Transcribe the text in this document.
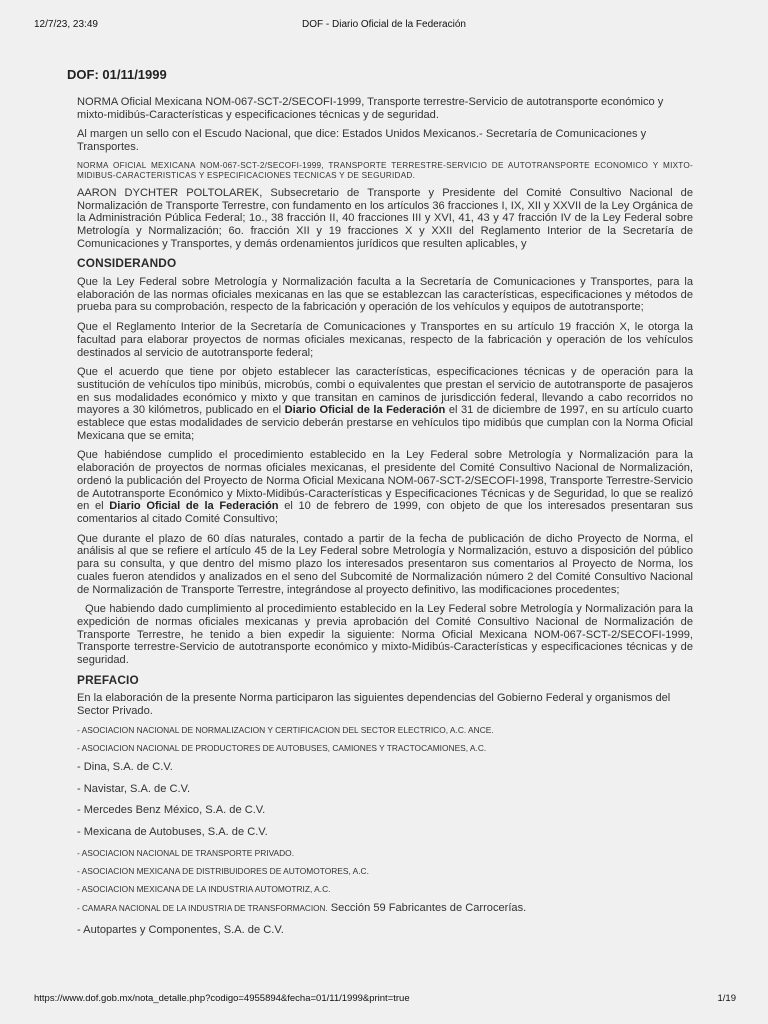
12/7/23, 23:49	DOF - Diario Oficial de la Federación
DOF: 01/11/1999

NORMA Oficial Mexicana NOM-067-SCT-2/SECOFI-1999, Transporte terrestre-Servicio de autotransporte económico y mixto-midibús-Características y especificaciones técnicas y de seguridad.

Al margen un sello con el Escudo Nacional, que dice: Estados Unidos Mexicanos.- Secretaría de Comunicaciones y Transportes.

NORMA OFICIAL MEXICANA NOM-067-SCT-2/SECOFI-1999, TRANSPORTE TERRESTRE-SERVICIO DE AUTOTRANSPORTE ECONOMICO Y MIXTO-MIDIBUS-CARACTERISTICAS Y ESPECIFICACIONES TECNICAS Y DE SEGURIDAD.

AARON DYCHTER POLTOLAREK, Subsecretario de Transporte y Presidente del Comité Consultivo Nacional de Normalización de Transporte Terrestre, con fundamento en los artículos 36 fracciones I, IX, XII y XXVII de la Ley Orgánica de la Administración Pública Federal; 1o., 38 fracción II, 40 fracciones III y XVI, 41, 43 y 47 fracción IV de la Ley Federal sobre Metrología y Normalización; 6o. fracción XII y 19 fracciones X y XXII del Reglamento Interior de la Secretaría de Comunicaciones y Transportes, y demás ordenamientos jurídicos que resulten aplicables, y

CONSIDERANDO

Que la Ley Federal sobre Metrología y Normalización faculta a la Secretaría de Comunicaciones y Transportes, para la elaboración de las normas oficiales mexicanas en las que se establezcan las características, especificaciones y métodos de prueba para su comprobación, respecto de la fabricación y operación de los vehículos y equipos de autotransporte;

Que el Reglamento Interior de la Secretaría de Comunicaciones y Transportes en su artículo 19 fracción X, le otorga la facultad para elaborar proyectos de normas oficiales mexicanas, respecto de la fabricación y operación de los vehículos destinados al servicio de autotransporte federal;

Que el acuerdo que tiene por objeto establecer las características, especificaciones técnicas y de operación para la sustitución de vehículos tipo minibús, microbús, combi o equivalentes que prestan el servicio de autotransporte de pasajeros en sus modalidades económico y mixto y que transitan en caminos de jurisdicción federal, llevando a cabo recorridos no mayores a 30 kilómetros, publicado en el Diario Oficial de la Federación el 31 de diciembre de 1997, en su artículo cuarto establece que estas modalidades de servicio deberán prestarse en vehículos tipo midibús que cumplan con la Norma Oficial Mexicana que se emita;

Que habiéndose cumplido el procedimiento establecido en la Ley Federal sobre Metrología y Normalización para la elaboración de proyectos de normas oficiales mexicanas, el presidente del Comité Consultivo Nacional de Normalización, ordenó la publicación del Proyecto de Norma Oficial Mexicana NOM-067-SCT-2/SECOFI-1998, Transporte Terrestre-Servicio de Autotransporte Económico y Mixto-Midibús-Características y Especificaciones Técnicas y de Seguridad, lo que se realizó en el Diario Oficial de la Federación el 10 de febrero de 1999, con objeto de que los interesados presentaran sus comentarios al citado Comité Consultivo;

Que durante el plazo de 60 días naturales, contado a partir de la fecha de publicación de dicho Proyecto de Norma, el análisis al que se refiere el artículo 45 de la Ley Federal sobre Metrología y Normalización, estuvo a disposición del público para su consulta, y que dentro del mismo plazo los interesados presentaron sus comentarios al Proyecto de Norma, los cuales fueron atendidos y analizados en el seno del Subcomité de Normalización número 2 del Comité Consultivo Nacional de Normalización de Transporte Terrestre, integrándose al proyecto definitivo, las modificaciones procedentes;

Que habiendo dado cumplimiento al procedimiento establecido en la Ley Federal sobre Metrología y Normalización para la expedición de normas oficiales mexicanas y previa aprobación del Comité Consultivo Nacional de Normalización de Transporte Terrestre, he tenido a bien expedir la siguiente: Norma Oficial Mexicana NOM-067-SCT-2/SECOFI-1999, Transporte terrestre-Servicio de autotransporte económico y mixto-Midibús-Características y especificaciones técnicas y de seguridad.

PREFACIO

En la elaboración de la presente Norma participaron las siguientes dependencias del Gobierno Federal y organismos del Sector Privado.

- ASOCIACION NACIONAL DE NORMALIZACION Y CERTIFICACION DEL SECTOR ELECTRICO, A.C. ANCE.
- ASOCIACION NACIONAL DE PRODUCTORES DE AUTOBUSES, CAMIONES Y TRACTOCAMIONES, A.C.
- Dina, S.A. de C.V.
- Navistar, S.A. de C.V.
- Mercedes Benz México, S.A. de C.V.
- Mexicana de Autobuses, S.A. de C.V.
- ASOCIACION NACIONAL DE TRANSPORTE PRIVADO.
- ASOCIACION MEXICANA DE DISTRIBUIDORES DE AUTOMOTORES, A.C.
- ASOCIACION MEXICANA DE LA INDUSTRIA AUTOMOTRIZ, A.C.
- CAMARA NACIONAL DE LA INDUSTRIA DE TRANSFORMACION. Sección 59 Fabricantes de Carrocerías.
- Autopartes y Componentes, S.A. de C.V.
https://www.dof.gob.mx/nota_detalle.php?codigo=4955894&fecha=01/11/1999&print=true	1/19
